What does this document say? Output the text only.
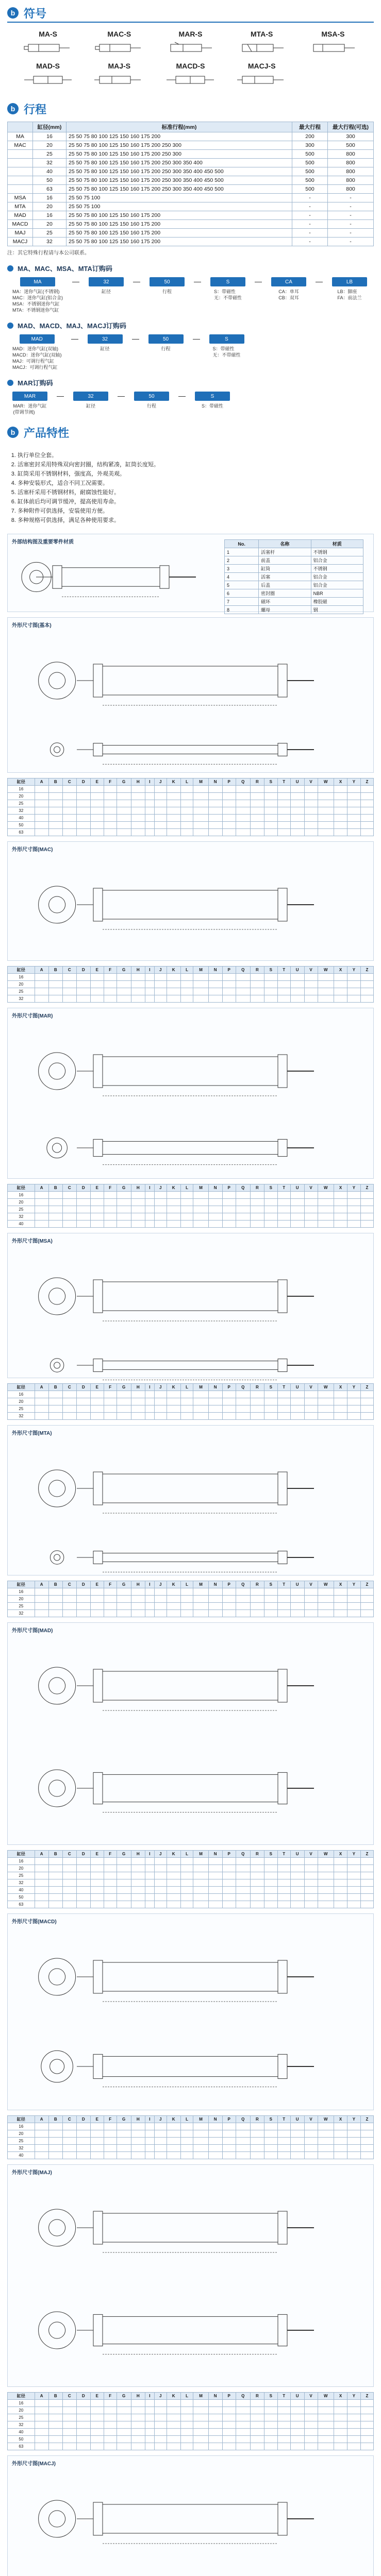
b 符号
MA-S	MAC-S	MAR-S	MTA-S	MSA-S
MAD-S	MAJ-S	MACD-S	MACJ-S
b 行程
	缸径(mm)	标准行程(mm)	最大行程	最大行程(可选)
MA	16	25 50 75 80 100 125 150 160 175 200	200	300
MAC	20	25 50 75 80 100 125 150 160 175 200 250 300	300	500
	25	25 50 75 80 100 125 150 160 175 200 250 300	500	800
	32	25 50 75 80 100 125 150 160 175 200 250 300 350 400	500	800
	40	25 50 75 80 100 125 150 160 175 200 250 300 350 400 450 500	500	800
	50	25 50 75 80 100 125 150 160 175 200 250 300 350 400 450 500	500	800
	63	25 50 75 80 100 125 150 160 175 200 250 300 350 400 450 500	500	800
MSA	16	25 50 75 100	-	-
MTA	20	25 50 75 100	-	-
MAD	16	25 50 75 80 100 125 150 160 175 200	-	-
MACD	20	25 50 75 80 100 125 150 160 175 200	-	-
MAJ	25	25 50 75 80 100 125 150 160 175 200	-	-
MACJ	32	25 50 75 80 100 125 150 160 175 200	-	-
注：其它特殊行程请与本公司联系。
MA、MAC、MSA、MTA订购码
MA
MA：迷你气缸(不锈钢)
MAC：迷你气缸(铝合金)
MSA：不锈钢迷你气缸
MTA：不锈钢迷你气缸
32
缸径
50
行程
S
S：带磁性
无：不带磁性
CA
CA：单耳
CB：双耳
LB
LB：脚座
FA：前法兰
MAD、MACD、MAJ、MACJ订购码
MAD
MAD：迷你气缸(双轴)
MACD：迷你气缸(双轴)
MAJ：可调行程气缸
MACJ：可调行程气缸
32
缸径
50
行程
S
S：带磁性
无：不带磁性
MAR订购码
MAR
MAR：迷你气缸
(带调节阀)
32
缸径
50
行程
S
S：带磁性
b 产品特性
1. 执行单位全套。
2. 活塞密封采用特殊双向密封圈，结构紧凑，缸筒长度短。
3. 缸筒采用不锈钢材料，强度高，外观美观。
4. 多种安装形式，适合不同工况需要。
5. 活塞杆采用不锈钢材料，耐腐蚀性能好。
6. 缸体前后均可调节缓冲，提高使用寿命。
7. 多种附件可供选择，安装使用方便。
8. 多种规格可供选择，满足各种使用要求。
外部结构图及重要零件材质	No.	名称	材质
1	活塞杆	不锈钢
2	前盖	铝合金
3	缸筒	不锈钢
4	活塞	铝合金
5	后盖	铝合金
6	密封圈	NBR
7	磁环	橡胶磁
8	螺母	钢
外形尺寸图(基本)
缸径	A	B	C	D	E	F	G	H	I	J	K	L	M	N	P	Q	R	S	T	U	V	W	X	Y	Z
16																									
20																									
25																									
32																									
40																									
50																									
63																									
外形尺寸图(MAC)
缸径	A	B	C	D	E	F	G	H	I	J	K	L	M	N	P	Q	R	S	T	U	V	W	X	Y	Z
16																									
20																									
25																									
32																									
外形尺寸图(MAR)
缸径	A	B	C	D	E	F	G	H	I	J	K	L	M	N	P	Q	R	S	T	U	V	W	X	Y	Z
16																									
20																									
25																									
32																									
40																									
外形尺寸图(MSA)
缸径	A	B	C	D	E	F	G	H	I	J	K	L	M	N	P	Q	R	S	T	U	V	W	X	Y	Z
16																									
20																									
25																									
32																									
外形尺寸图(MTA)
缸径	A	B	C	D	E	F	G	H	I	J	K	L	M	N	P	Q	R	S	T	U	V	W	X	Y	Z
16																									
20																									
25																									
32																									
外形尺寸图(MAD)
缸径	A	B	C	D	E	F	G	H	I	J	K	L	M	N	P	Q	R	S	T	U	V	W	X	Y	Z
16																									
20																									
25																									
32																									
40																									
50																									
63																									
外形尺寸图(MACD)
缸径	A	B	C	D	E	F	G	H	I	J	K	L	M	N	P	Q	R	S	T	U	V	W	X	Y	Z
16																									
20																									
25																									
32																									
40																									
外形尺寸图(MAJ)
缸径	A	B	C	D	E	F	G	H	I	J	K	L	M	N	P	Q	R	S	T	U	V	W	X	Y	Z
16																									
20																									
25																									
32																									
40																									
50																									
63																									
外形尺寸图(MACJ)
